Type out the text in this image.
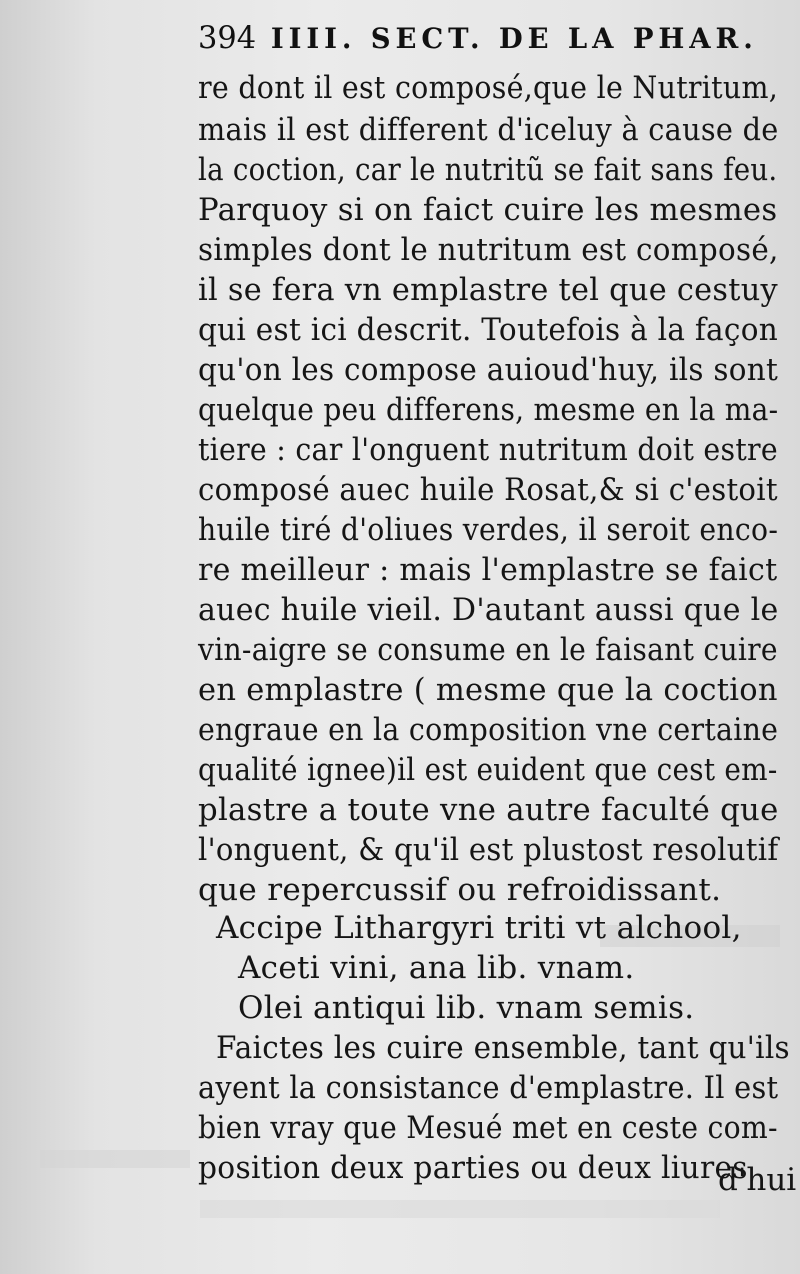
394 IIII. SECT. DE LA PHAR.
re dont il est composé,que le Nutritum,
mais il est different d'iceluy à cause de
la coction, car le nutritũ se fait sans feu.
Parquoy si on faict cuire les mesmes
simples dont le nutritum est composé,
il se fera vn emplastre tel que cestuy
qui est ici descrit. Toutefois à la façon
qu'on les compose auioud'huy, ils sont
quelque peu differens, mesme en la ma-
tiere : car l'onguent nutritum doit estre
composé auec huile Rosat,& si c'estoit
huile tiré d'oliues verdes, il seroit enco-
re meilleur : mais l'emplastre se faict
auec huile vieil. D'autant aussi que le
vin-aigre se consume en le faisant cuire
en emplastre ( mesme que la coction
engraue en la composition vne certaine
qualité ignee)il est euident que cest em-
plastre a toute vne autre faculté que
l'onguent, & qu'il est plustost resolutif
que repercussif ou refroidissant.
Accipe Lithargyri triti vt alchool,
Aceti vini, ana lib. vnam.
Olei antiqui lib. vnam semis.
Faictes les cuire ensemble, tant qu'ils
ayent la consistance d'emplastre. Il est
bien vray que Mesué met en ceste com-
position deux parties ou deux liures
d'hui
